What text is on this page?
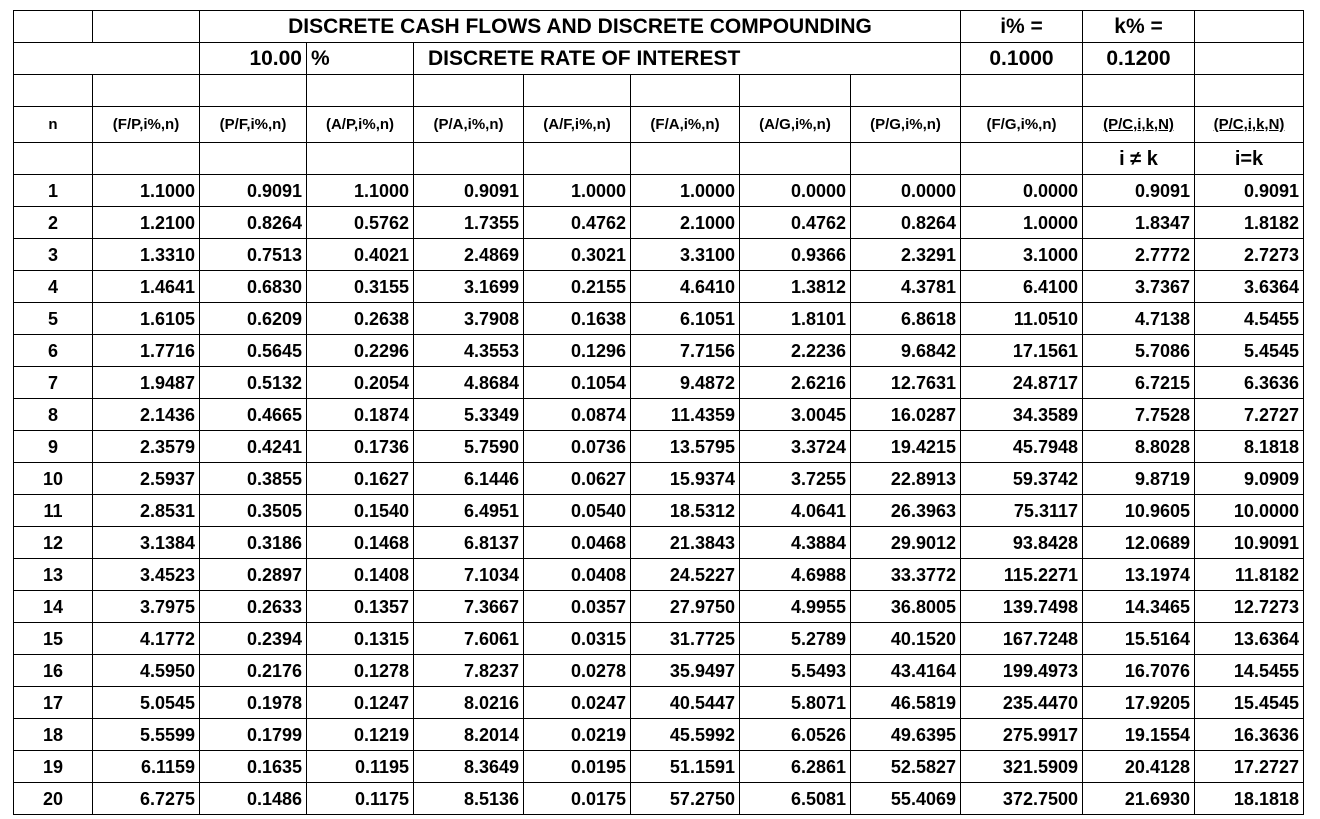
		DISCRETE CASH FLOWS AND DISCRETE COMPOUNDING							i% =	k% =	
		10.00	%	DISCRETE RATE OF INTEREST					0.1000	0.1200	

n	(F/P,i%,n)	(P/F,i%,n)	(A/P,i%,n)	(P/A,i%,n)	(A/F,i%,n)	(F/A,i%,n)	(A/G,i%,n)	(P/G,i%,n)	(F/G,i%,n)	(P/C,i,k,N)	(P/C,i,k,N)
										i ≠ k	i=k
1	1.1000	0.9091	1.1000	0.9091	1.0000	1.0000	0.0000	0.0000	0.0000	0.9091	0.9091
2	1.2100	0.8264	0.5762	1.7355	0.4762	2.1000	0.4762	0.8264	1.0000	1.8347	1.8182
3	1.3310	0.7513	0.4021	2.4869	0.3021	3.3100	0.9366	2.3291	3.1000	2.7772	2.7273
4	1.4641	0.6830	0.3155	3.1699	0.2155	4.6410	1.3812	4.3781	6.4100	3.7367	3.6364
5	1.6105	0.6209	0.2638	3.7908	0.1638	6.1051	1.8101	6.8618	11.0510	4.7138	4.5455
6	1.7716	0.5645	0.2296	4.3553	0.1296	7.7156	2.2236	9.6842	17.1561	5.7086	5.4545
7	1.9487	0.5132	0.2054	4.8684	0.1054	9.4872	2.6216	12.7631	24.8717	6.7215	6.3636
8	2.1436	0.4665	0.1874	5.3349	0.0874	11.4359	3.0045	16.0287	34.3589	7.7528	7.2727
9	2.3579	0.4241	0.1736	5.7590	0.0736	13.5795	3.3724	19.4215	45.7948	8.8028	8.1818
10	2.5937	0.3855	0.1627	6.1446	0.0627	15.9374	3.7255	22.8913	59.3742	9.8719	9.0909
11	2.8531	0.3505	0.1540	6.4951	0.0540	18.5312	4.0641	26.3963	75.3117	10.9605	10.0000
12	3.1384	0.3186	0.1468	6.8137	0.0468	21.3843	4.3884	29.9012	93.8428	12.0689	10.9091
13	3.4523	0.2897	0.1408	7.1034	0.0408	24.5227	4.6988	33.3772	115.2271	13.1974	11.8182
14	3.7975	0.2633	0.1357	7.3667	0.0357	27.9750	4.9955	36.8005	139.7498	14.3465	12.7273
15	4.1772	0.2394	0.1315	7.6061	0.0315	31.7725	5.2789	40.1520	167.7248	15.5164	13.6364
16	4.5950	0.2176	0.1278	7.8237	0.0278	35.9497	5.5493	43.4164	199.4973	16.7076	14.5455
17	5.0545	0.1978	0.1247	8.0216	0.0247	40.5447	5.8071	46.5819	235.4470	17.9205	15.4545
18	5.5599	0.1799	0.1219	8.2014	0.0219	45.5992	6.0526	49.6395	275.9917	19.1554	16.3636
19	6.1159	0.1635	0.1195	8.3649	0.0195	51.1591	6.2861	52.5827	321.5909	20.4128	17.2727
20	6.7275	0.1486	0.1175	8.5136	0.0175	57.2750	6.5081	55.4069	372.7500	21.6930	18.1818
